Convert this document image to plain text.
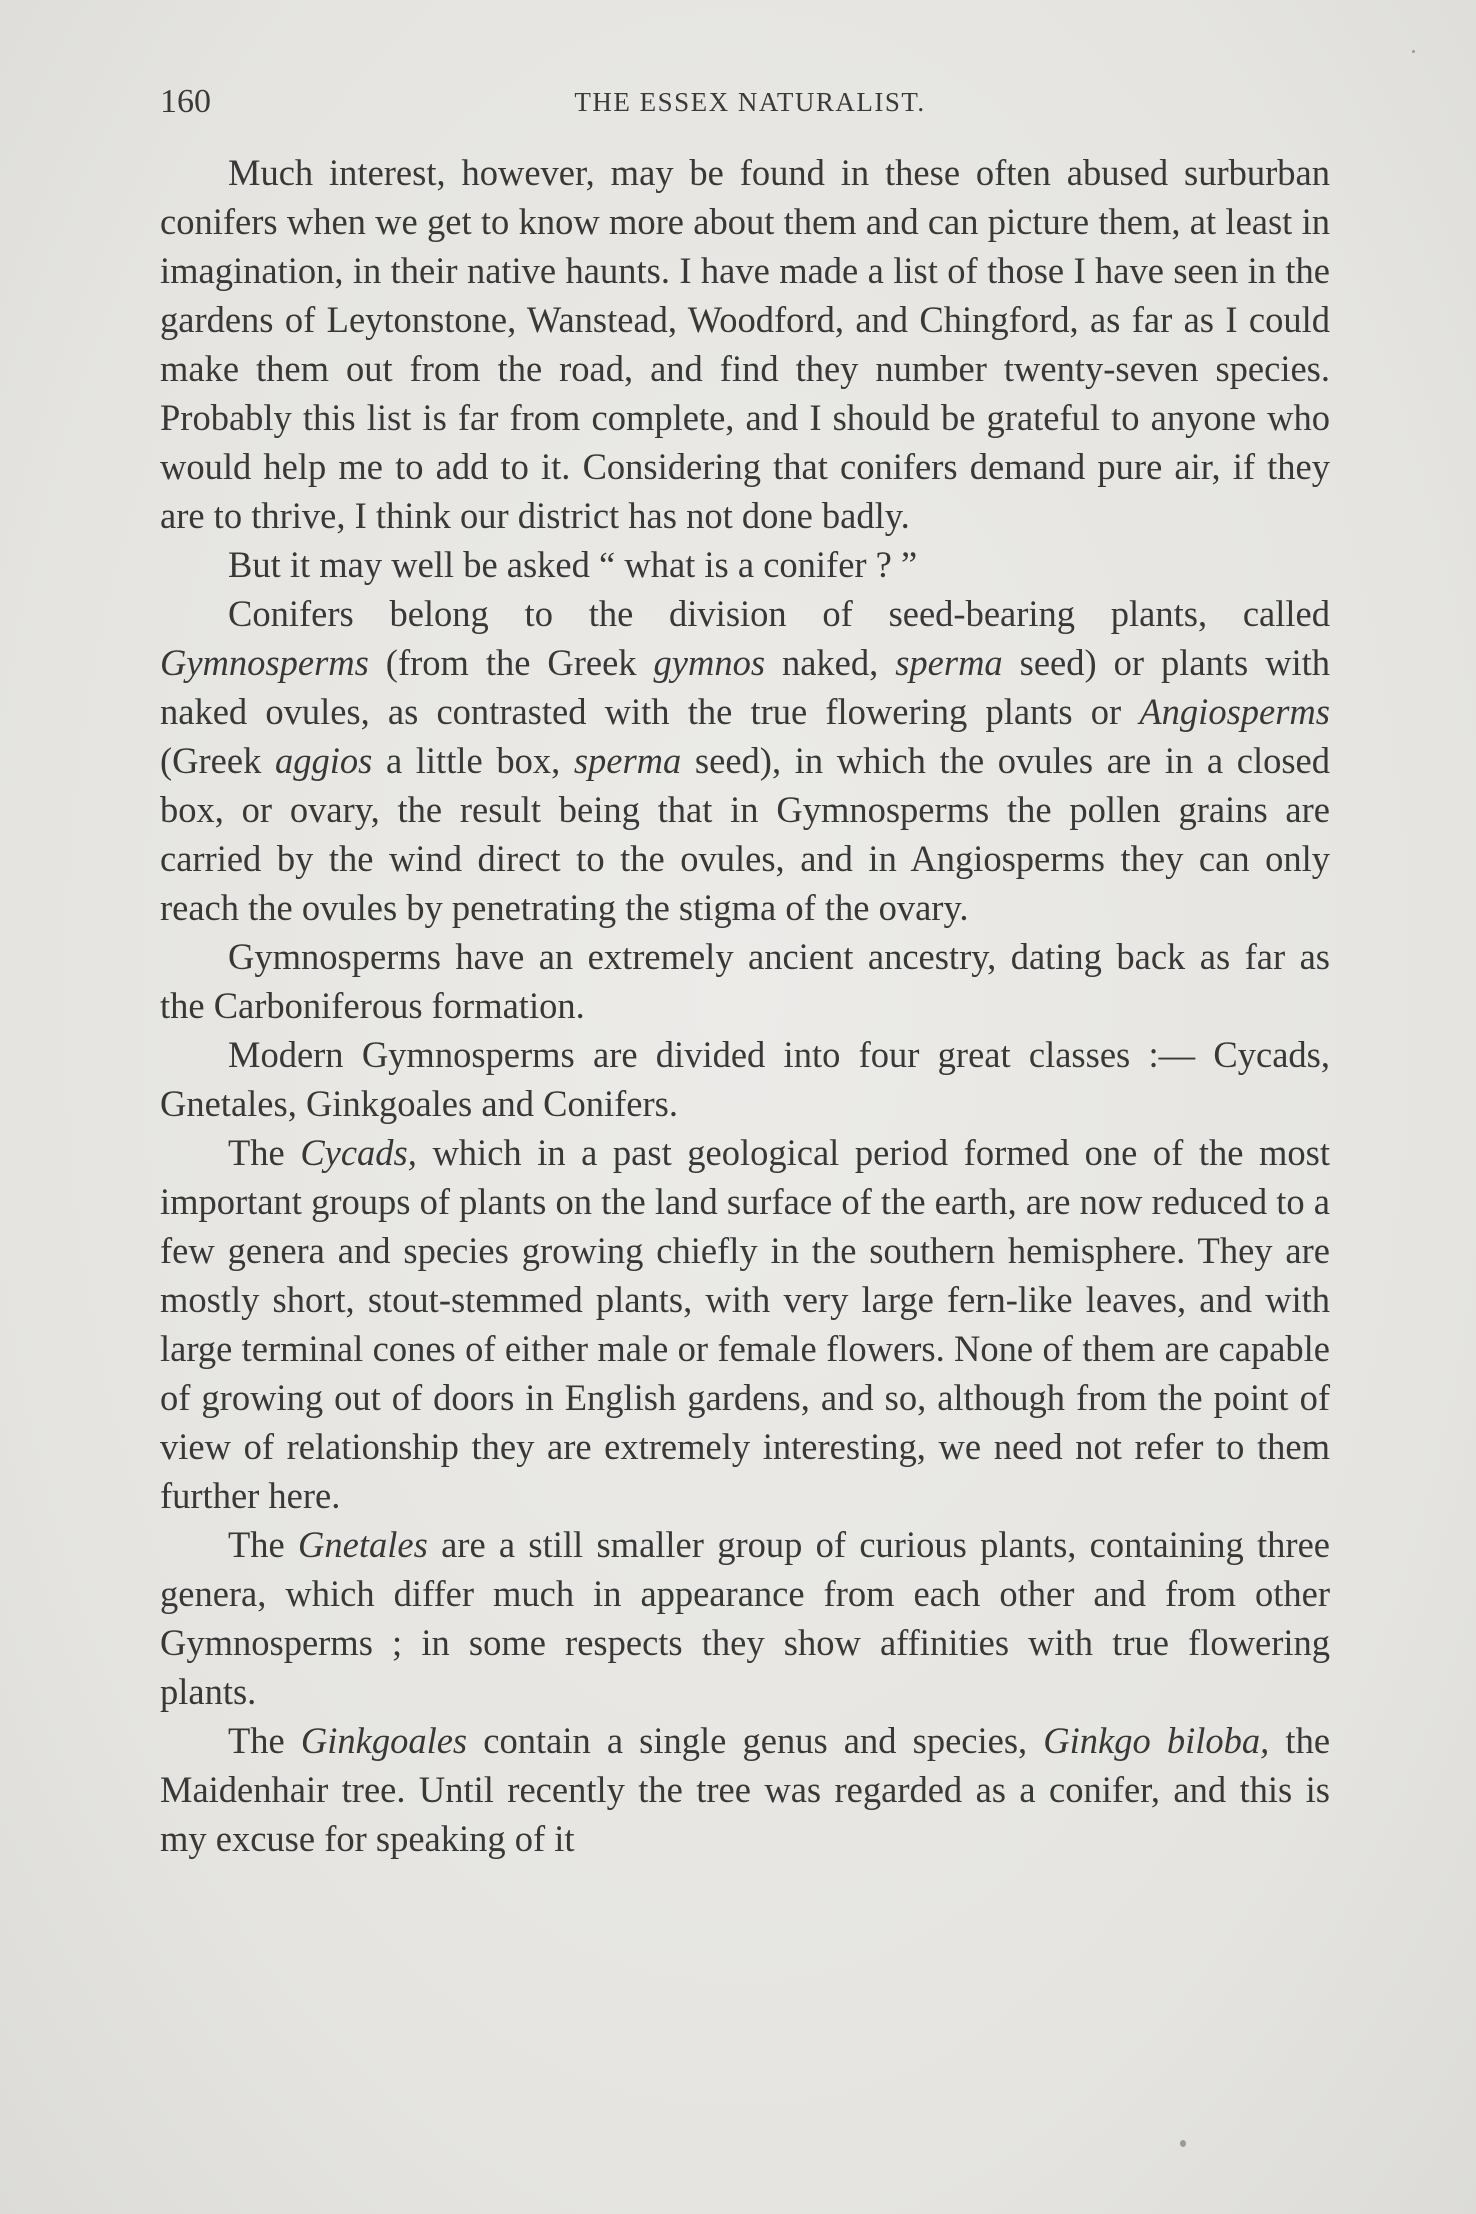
160	THE ESSEX NATURALIST.

Much interest, however, may be found in these often abused surburban conifers when we get to know more about them and can picture them, at least in imagination, in their native haunts. I have made a list of those I have seen in the gardens of Leytonstone, Wanstead, Woodford, and Chingford, as far as I could make them out from the road, and find they number twenty-seven species. Probably this list is far from complete, and I should be grateful to anyone who would help me to add to it. Considering that conifers demand pure air, if they are to thrive, I think our district has not done badly.

But it may well be asked “ what is a conifer ? ”

Conifers belong to the division of seed-bearing plants, called Gymnosperms (from the Greek gymnos naked, sperma seed) or plants with naked ovules, as contrasted with the true flowering plants or Angiosperms (Greek aggios a little box, sperma seed), in which the ovules are in a closed box, or ovary, the result being that in Gymnosperms the pollen grains are carried by the wind direct to the ovules, and in Angiosperms they can only reach the ovules by penetrating the stigma of the ovary.

Gymnosperms have an extremely ancient ancestry, dating back as far as the Carboniferous formation.

Modern Gymnosperms are divided into four great classes :— Cycads, Gnetales, Ginkgoales and Conifers.

The Cycads, which in a past geological period formed one of the most important groups of plants on the land surface of the earth, are now reduced to a few genera and species growing chiefly in the southern hemisphere. They are mostly short, stout-stemmed plants, with very large fern-like leaves, and with large terminal cones of either male or female flowers. None of them are capable of growing out of doors in English gardens, and so, although from the point of view of relationship they are extremely interesting, we need not refer to them further here.

The Gnetales are a still smaller group of curious plants, containing three genera, which differ much in appearance from each other and from other Gymnosperms ; in some respects they show affinities with true flowering plants.

The Ginkgoales contain a single genus and species, Ginkgo biloba, the Maidenhair tree. Until recently the tree was regarded as a conifer, and this is my excuse for speaking of it
